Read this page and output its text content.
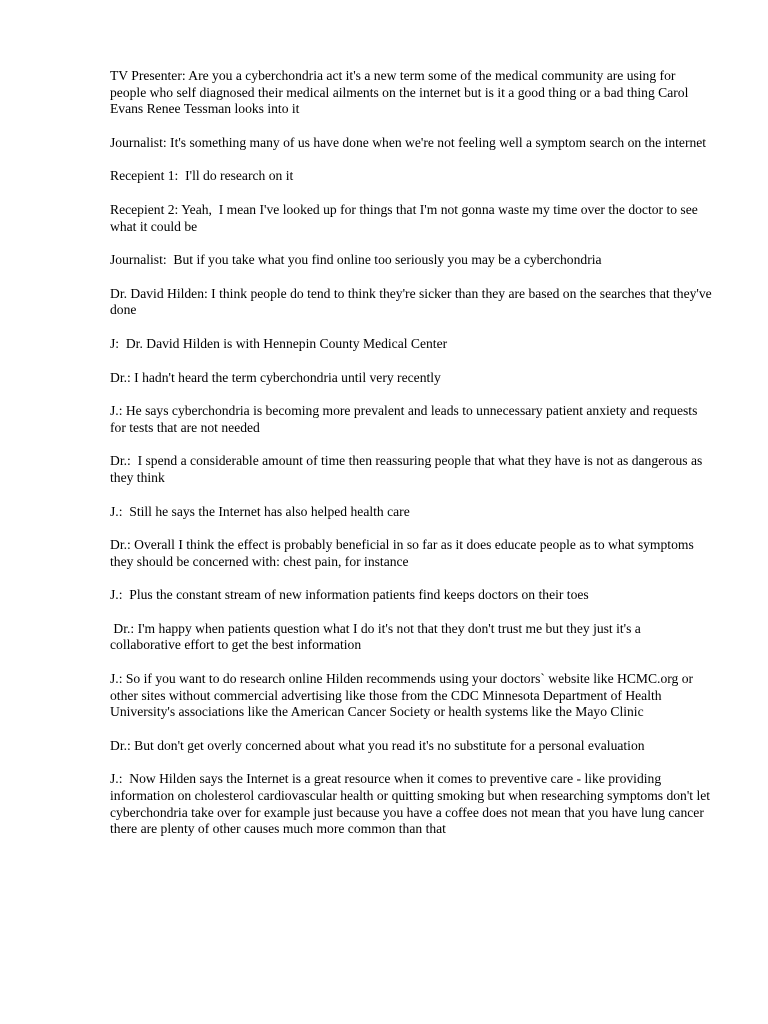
TV Presenter: Are you a cyberchondria act it's a new term some of the medical community are using for people who self diagnosed their medical ailments on the internet but is it a good thing or a bad thing Carol Evans Renee Tessman looks into it

Journalist: It's something many of us have done when we're not feeling well a symptom search on the internet

Recepient 1:  I'll do research on it

Recepient 2: Yeah,  I mean I've looked up for things that I'm not gonna waste my time over the doctor to see what it could be

Journalist:  But if you take what you find online too seriously you may be a cyberchondria

Dr. David Hilden: I think people do tend to think they're sicker than they are based on the searches that they've done

J:  Dr. David Hilden is with Hennepin County Medical Center

Dr.: I hadn't heard the term cyberchondria until very recently

J.: He says cyberchondria is becoming more prevalent and leads to unnecessary patient anxiety and requests for tests that are not needed

Dr.:  I spend a considerable amount of time then reassuring people that what they have is not as dangerous as they think

J.:  Still he says the Internet has also helped health care

Dr.: Overall I think the effect is probably beneficial in so far as it does educate people as to what symptoms they should be concerned with: chest pain, for instance

J.:  Plus the constant stream of new information patients find keeps doctors on their toes

Dr.: I'm happy when patients question what I do it's not that they don't trust me but they just it's a collaborative effort to get the best information

J.: So if you want to do research online Hilden recommends using your doctors` website like HCMC.org or other sites without commercial advertising like those from the CDC Minnesota Department of Health University's associations like the American Cancer Society or health systems like the Mayo Clinic

Dr.: But don't get overly concerned about what you read it's no substitute for a personal evaluation

J.:  Now Hilden says the Internet is a great resource when it comes to preventive care - like providing information on cholesterol cardiovascular health or quitting smoking but when researching symptoms don't let cyberchondria take over for example just because you have a coffee does not mean that you have lung cancer there are plenty of other causes much more common than that
